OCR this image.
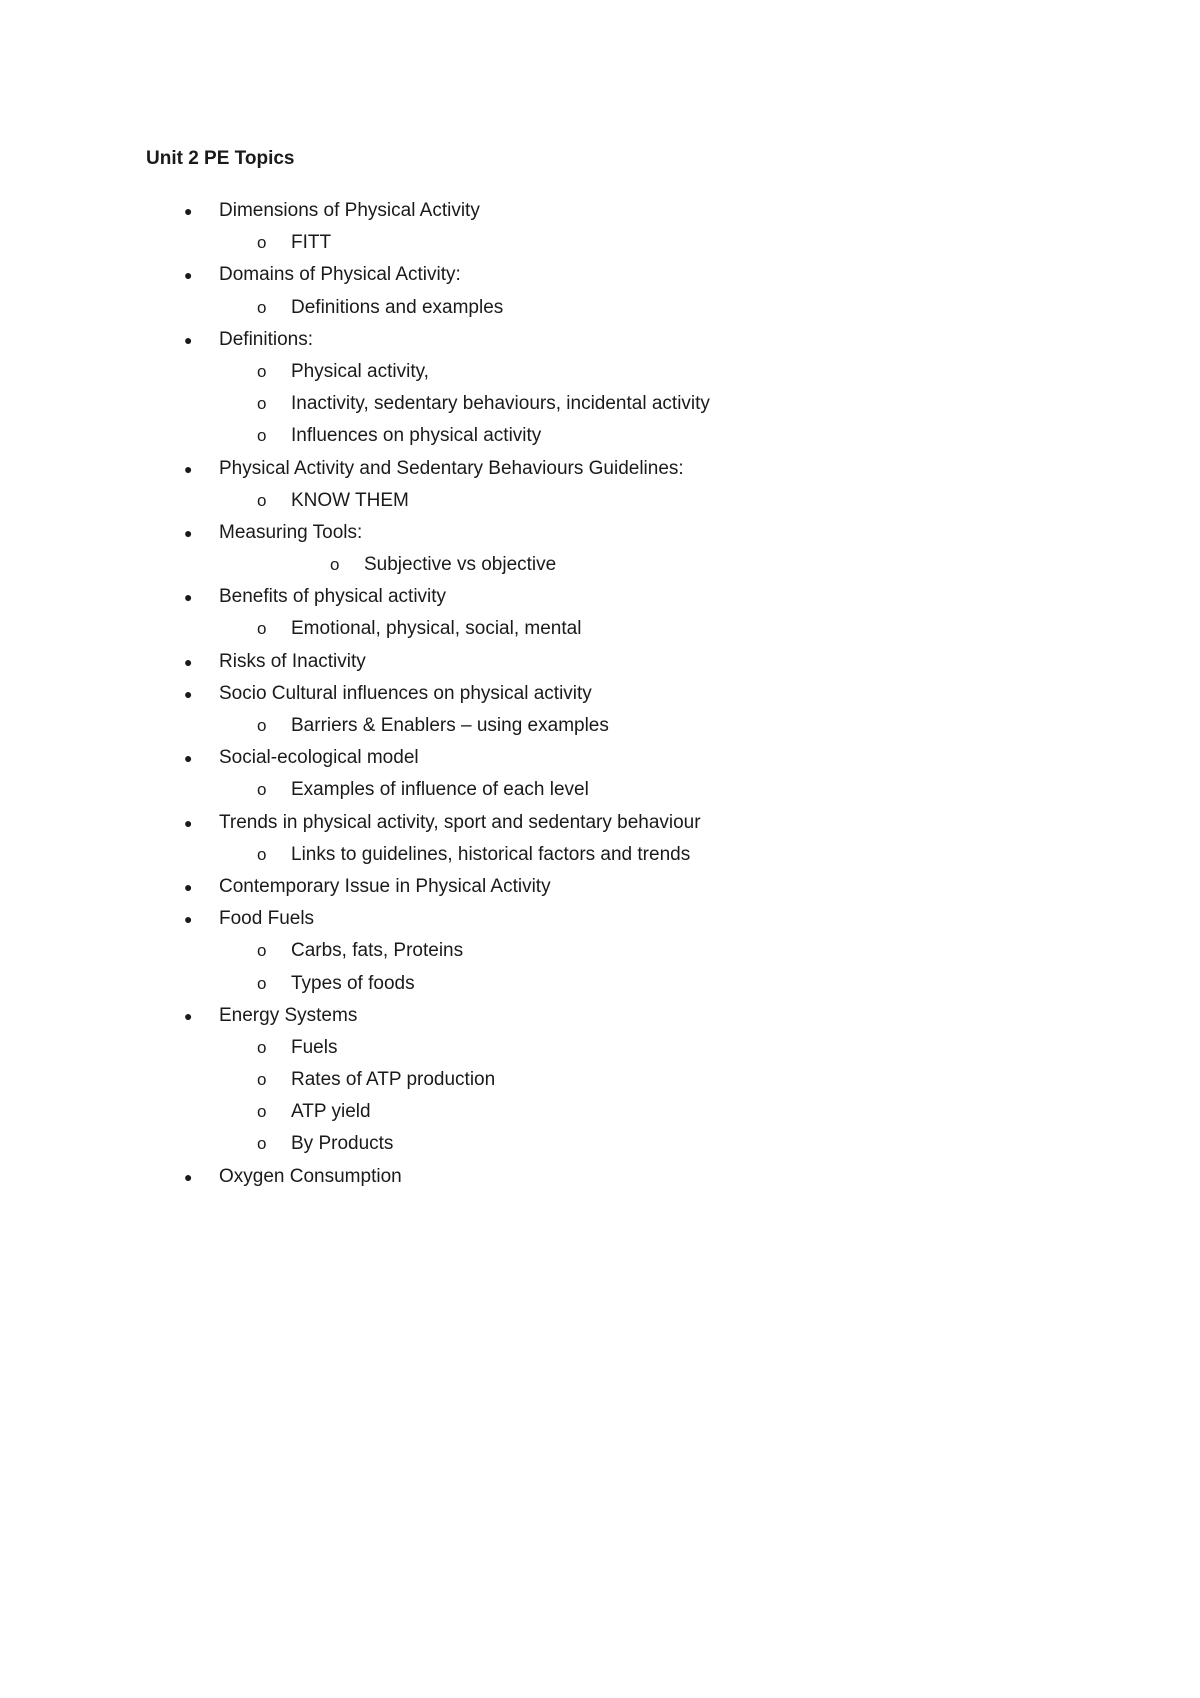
Unit 2 PE Topics
● Dimensions of Physical Activity
o FITT
● Domains of Physical Activity:
o Definitions and examples
● Definitions:
o Physical activity,
o Inactivity, sedentary behaviours, incidental activity
o Influences on physical activity
● Physical Activity and Sedentary Behaviours Guidelines:
o KNOW THEM
● Measuring Tools:
o Subjective vs objective
● Benefits of physical activity
o Emotional, physical, social, mental
● Risks of Inactivity
● Socio Cultural influences on physical activity
o Barriers & Enablers – using examples
● Social-ecological model
o Examples of influence of each level
● Trends in physical activity, sport and sedentary behaviour
o Links to guidelines, historical factors and trends
● Contemporary Issue in Physical Activity
● Food Fuels
o Carbs, fats, Proteins
o Types of foods
● Energy Systems
o Fuels
o Rates of ATP production
o ATP yield
o By Products
● Oxygen Consumption
